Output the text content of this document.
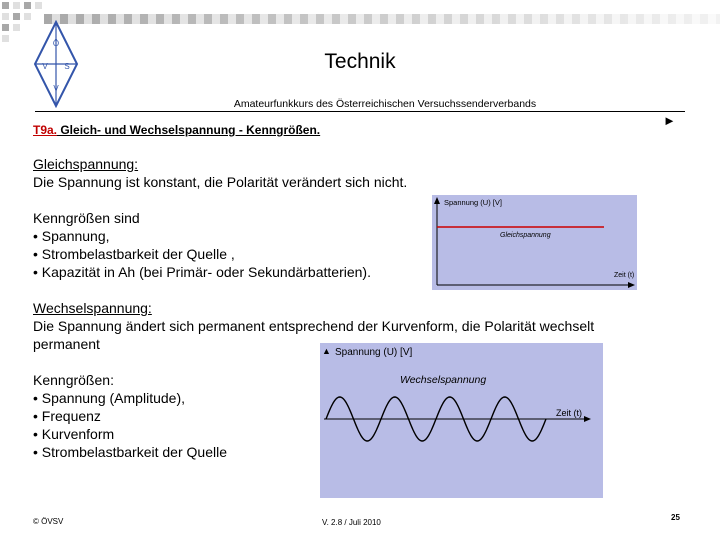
Ö
V S
V
Technik
Amateurfunkkurs des Österreichischen Versuchssenderverbands
T9a. Gleich- und Wechselspannung - Kenngrößen.
►
Gleichspannung:
Die Spannung ist konstant, die Polarität verändert sich nicht.
Kenngrößen sind
• Spannung,
• Strombelastbarkeit der Quelle ,
• Kapazität in Ah (bei Primär- oder Sekundärbatterien).
Spannung (U) [V]
Gleichspannung
Zeit (t)
Wechselspannung:
Die Spannung ändert sich permanent entsprechend der Kurvenform, die Polarität wechselt
permanent
Kenngrößen:
• Spannung (Amplitude),
• Frequenz
• Kurvenform
• Strombelastbarkeit der Quelle
▲ Spannung (U) [V]
Wechselspannung
Zeit (t)
© ÖVSV	V. 2.8 / Juli 2010
25
